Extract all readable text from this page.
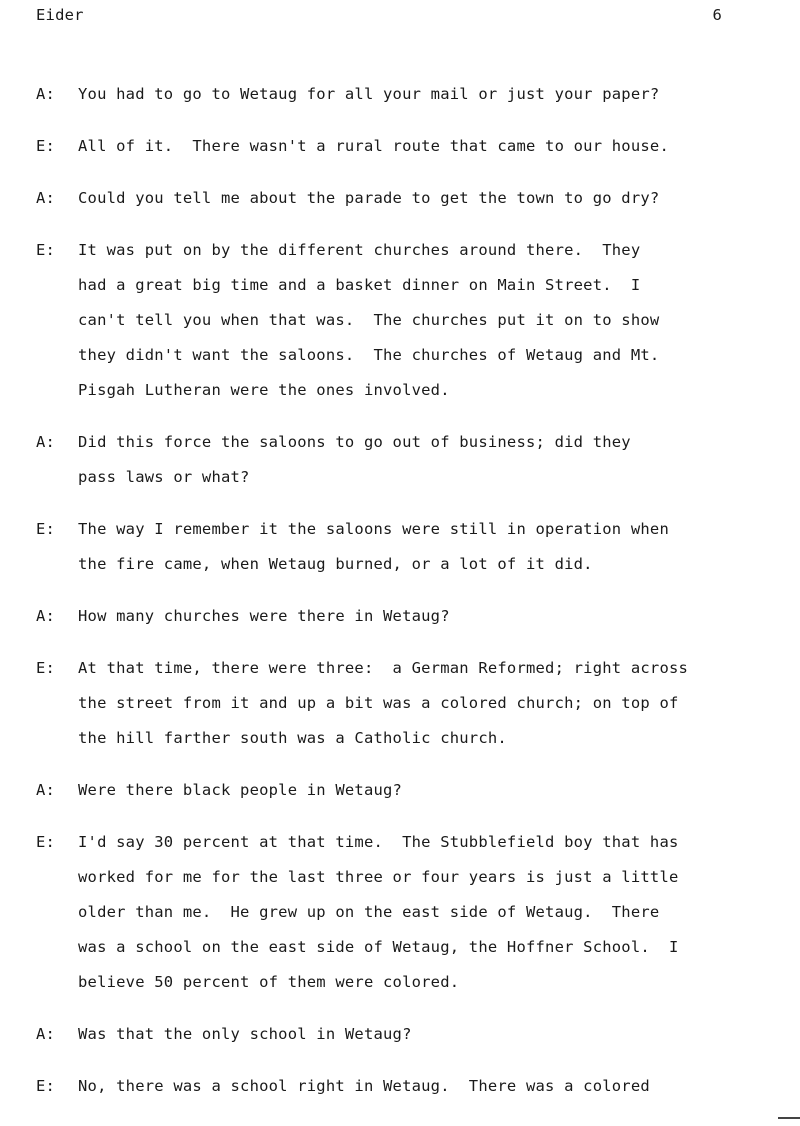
Eider	6
A:	You had to go to Wetaug for all your mail or just your paper?
E:	All of it.  There wasn't a rural route that came to our house.
A:	Could you tell me about the parade to get the town to go dry?
E:	It was put on by the different churches around there.  They
had a great big time and a basket dinner on Main Street.  I
can't tell you when that was.  The churches put it on to show
they didn't want the saloons.  The churches of Wetaug and Mt.
Pisgah Lutheran were the ones involved.
A:	Did this force the saloons to go out of business; did they
pass laws or what?
E:	The way I remember it the saloons were still in operation when
the fire came, when Wetaug burned, or a lot of it did.
A:	How many churches were there in Wetaug?
E:	At that time, there were three:  a German Reformed; right across
the street from it and up a bit was a colored church; on top of
the hill farther south was a Catholic church.
A:	Were there black people in Wetaug?
E:	I'd say 30 percent at that time.  The Stubblefield boy that has
worked for me for the last three or four years is just a little
older than me.  He grew up on the east side of Wetaug.  There
was a school on the east side of Wetaug, the Hoffner School.  I
believe 50 percent of them were colored.
A:	Was that the only school in Wetaug?
E:	No, there was a school right in Wetaug.  There was a colored
